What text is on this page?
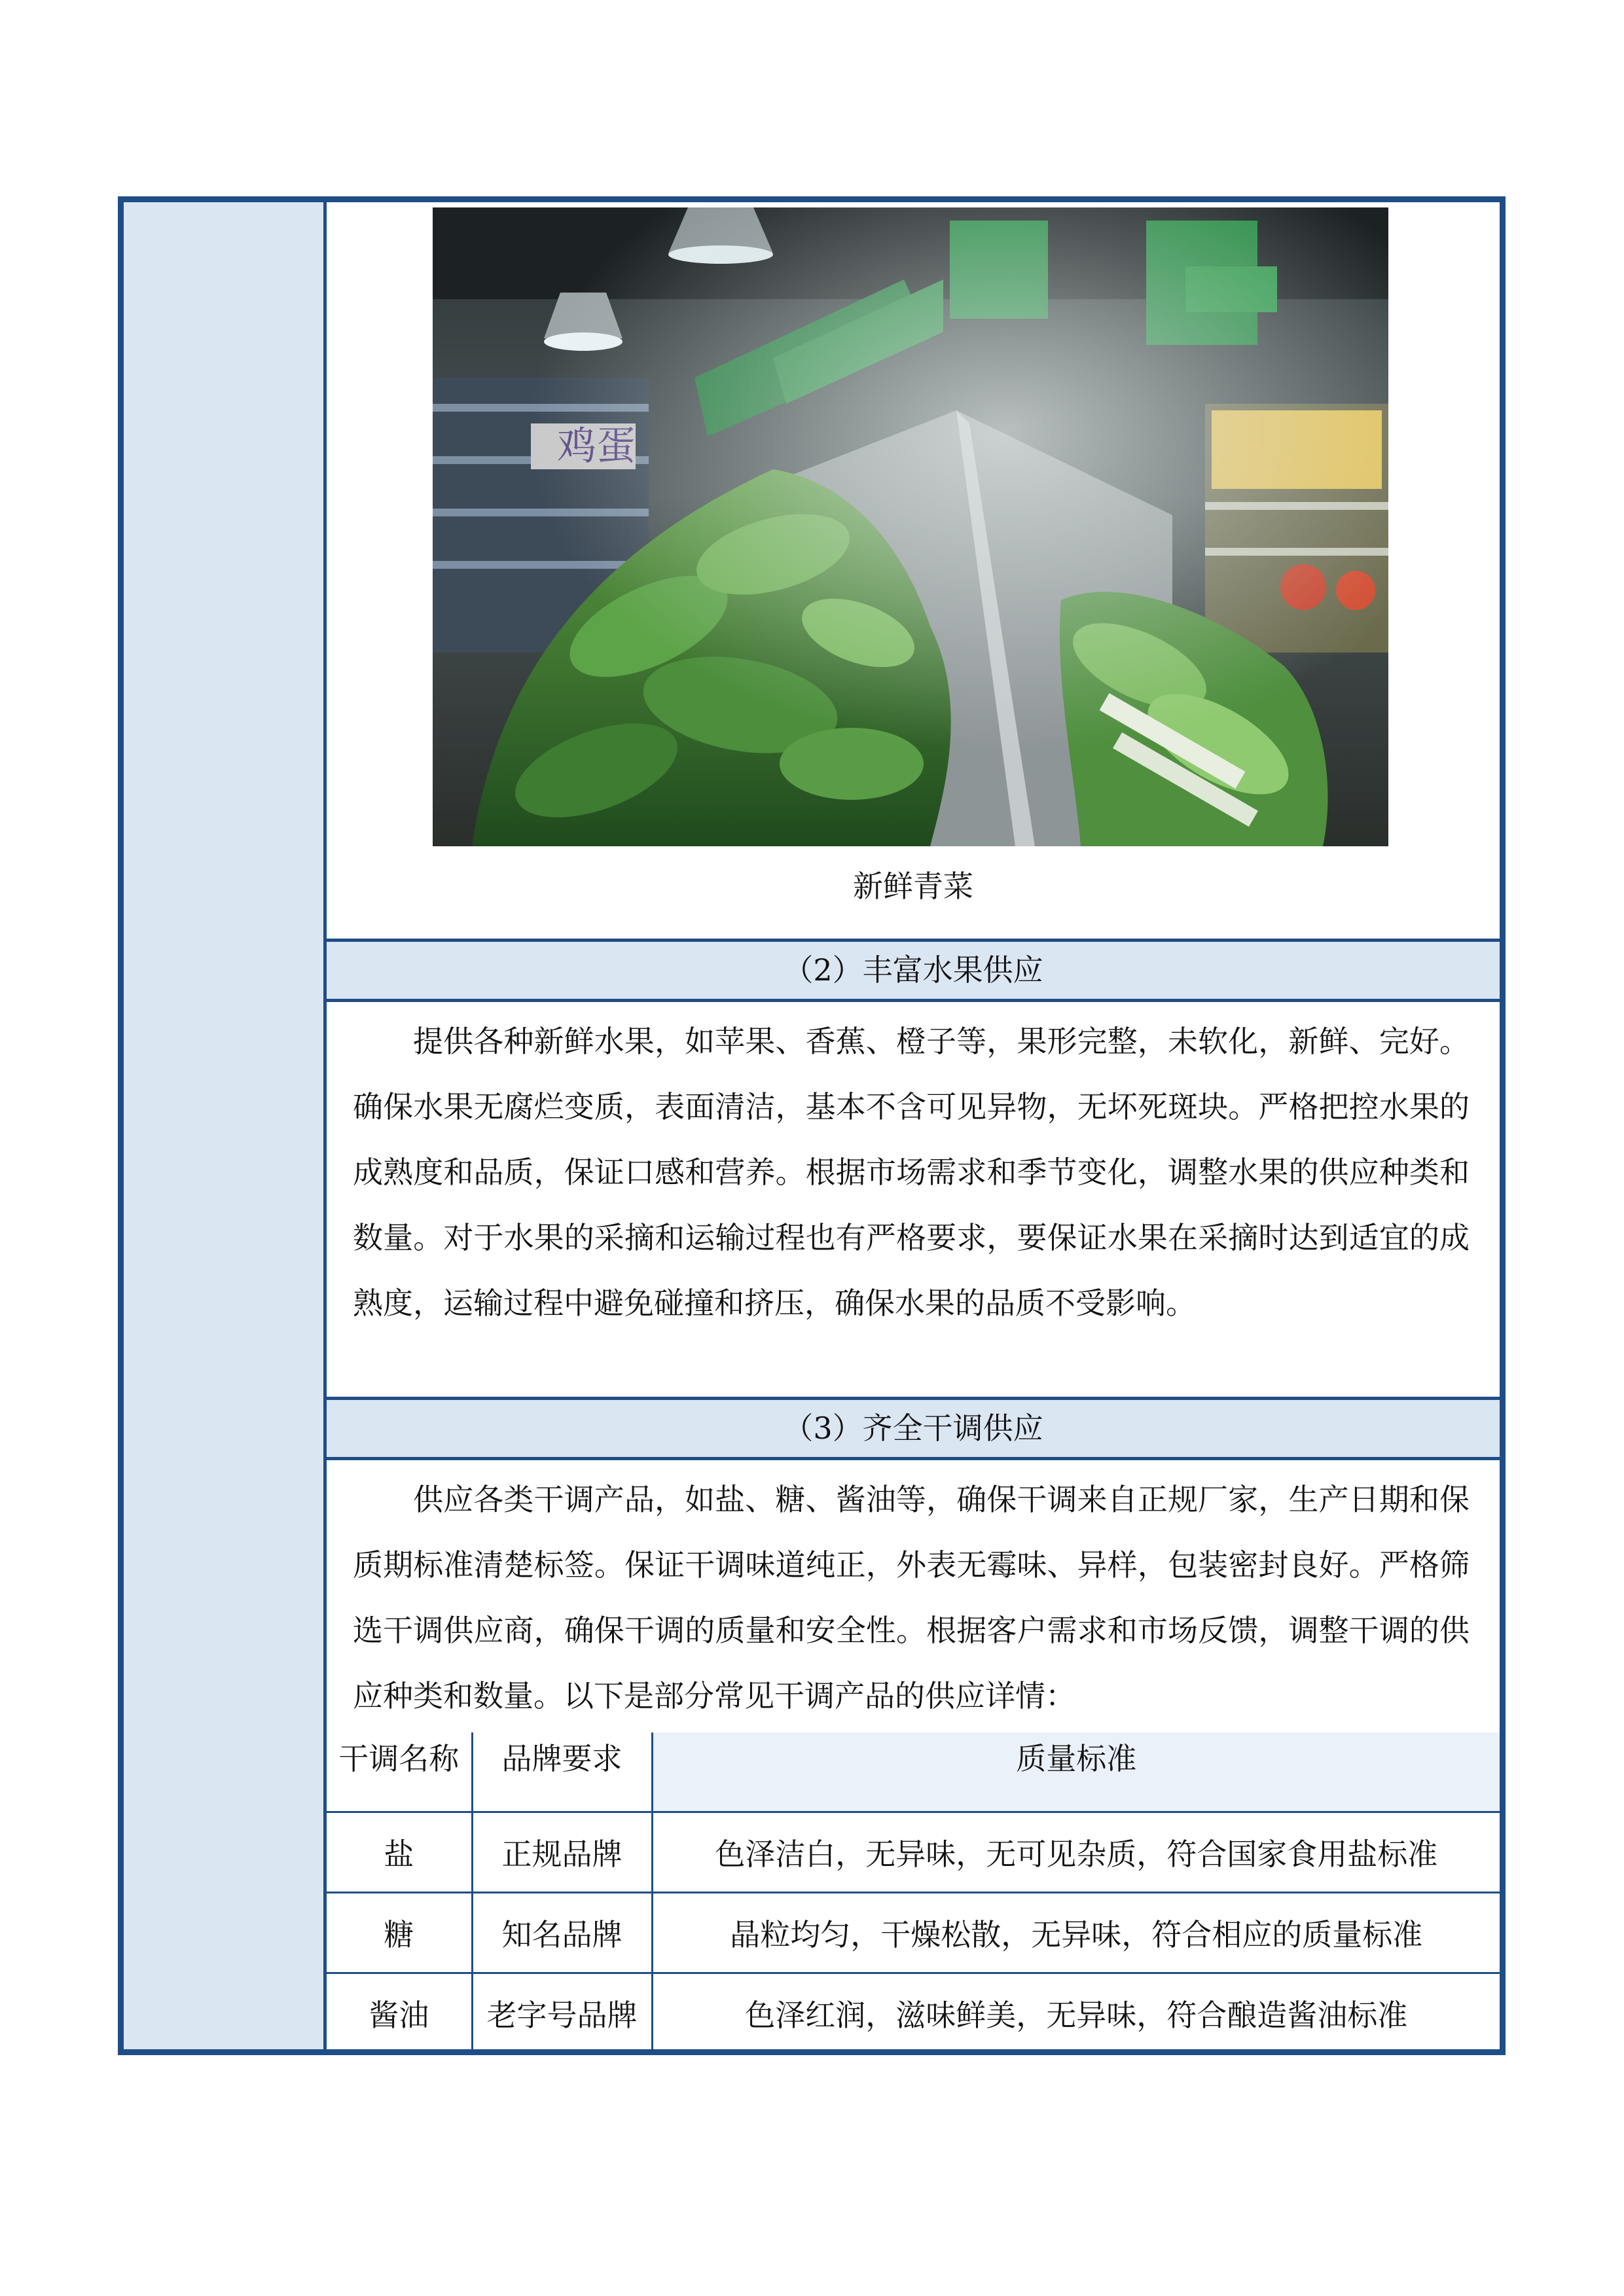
新鲜青菜
（2）丰富水果供应
提供各种新鲜水果，如苹果、香蕉、橙子等，果形完整，未软化，新鲜、完好。确保水果无腐烂变质，表面清洁，基本不含可见异物，无坏死斑块。严格把控水果的成熟度和品质，保证口感和营养。根据市场需求和季节变化，调整水果的供应种类和数量。对于水果的采摘和运输过程也有严格要求，要保证水果在采摘时达到适宜的成熟度，运输过程中避免碰撞和挤压，确保水果的品质不受影响。
（3）齐全干调供应
供应各类干调产品，如盐、糖、酱油等，确保干调来自正规厂家，生产日期和保质期标准清楚标签。保证干调味道纯正，外表无霉味、异样，包装密封良好。严格筛选干调供应商，确保干调的质量和安全性。根据客户需求和市场反馈，调整干调的供应种类和数量。以下是部分常见干调产品的供应详情：
干调名称	品牌要求	质量标准
盐	正规品牌	色泽洁白，无异味，无可见杂质，符合国家食用盐标准
糖	知名品牌	晶粒均匀，干燥松散，无异味，符合相应的质量标准
酱油	老字号品牌	色泽红润，滋味鲜美，无异味，符合酿造酱油标准
